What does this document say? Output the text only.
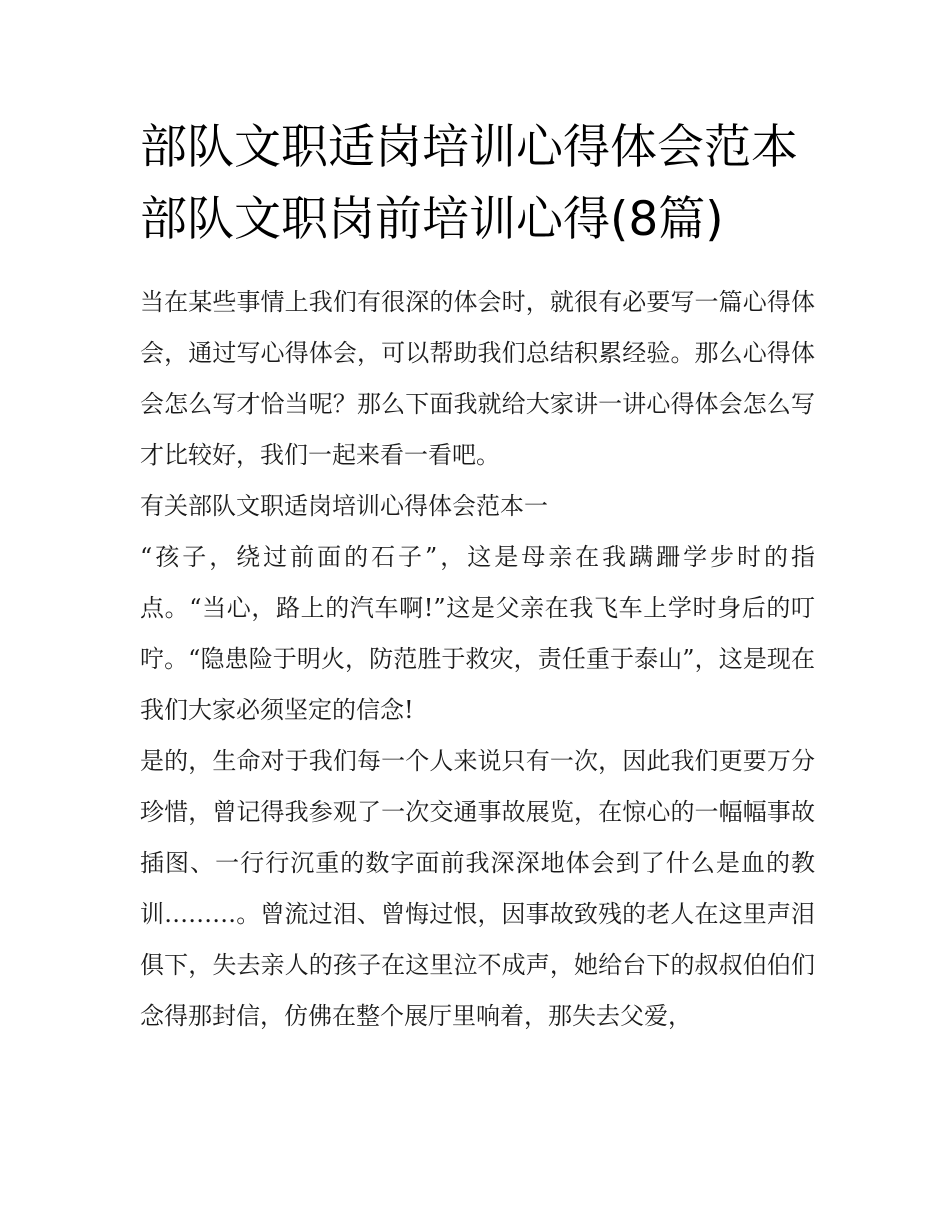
部队文职适岗培训心得体会范本 部队文职岗前培训心得(8篇)

当在某些事情上我们有很深的体会时，就很有必要写一篇心得体会，通过写心得体会，可以帮助我们总结积累经验。那么心得体会怎么写才恰当呢？那么下面我就给大家讲一讲心得体会怎么写才比较好，我们一起来看一看吧。

有关部队文职适岗培训心得体会范本一

“孩子，绕过前面的石子”，这是母亲在我蹒跚学步时的指点。“当心，路上的汽车啊!”这是父亲在我飞车上学时身后的叮咛。“隐患险于明火，防范胜于救灾，责任重于泰山”，这是现在我们大家必须坚定的信念!

是的，生命对于我们每一个人来说只有一次，因此我们更要万分珍惜，曾记得我参观了一次交通事故展览，在惊心的一幅幅事故插图、一行行沉重的数字面前我深深地体会到了什么是血的教训………。曾流过泪、曾悔过恨，因事故致残的老人在这里声泪俱下，失去亲人的孩子在这里泣不成声，她给台下的叔叔伯伯们念得那封信，仿佛在整个展厅里响着，那失去父爱，
